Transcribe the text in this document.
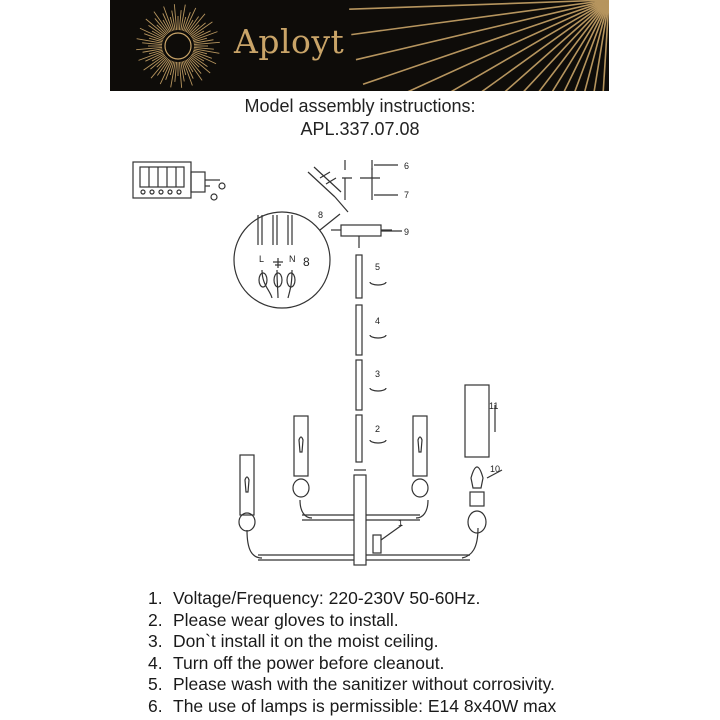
Aployt
Model assembly instructions:
APL.337.07.08
L	N 8
1
2
3
4
5
6
7
8
9
10
11
1. Voltage/Frequency: 220-230V 50-60Hz.
2. Please wear gloves to install.
3. Don`t install it on the moist ceiling.
4. Turn off the power before cleanout.
5. Please wash with the sanitizer without corrosivity.
6. The use of lamps is permissible: E14 8x40W max
